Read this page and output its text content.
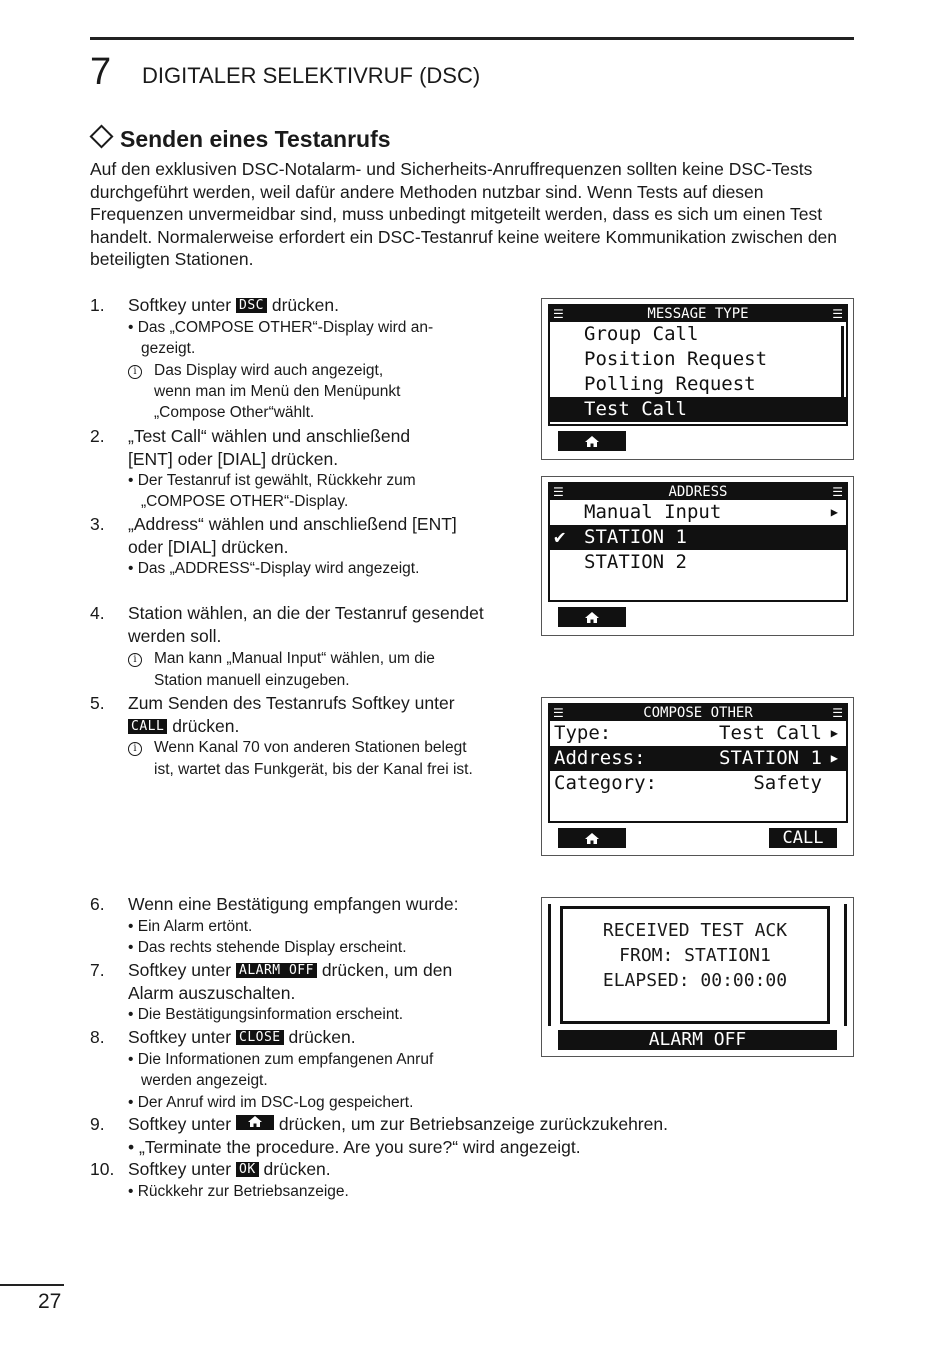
7 DIGITALER SELEKTIVRUF (DSC)
Senden eines Testanrufs
Auf den exklusiven DSC-Notalarm- und Sicherheits-Anruffrequenzen sollten keine DSC-Tests durchgeführt werden, weil dafür andere Methoden nutzbar sind. Wenn Tests auf diesen Frequenzen unvermeidbar sind, muss unbedingt mitgeteilt werden, dass es sich um einen Test handelt. Normalerweise erfordert ein DSC-Testanruf keine weitere Kommunikation zwischen den beteiligten Stationen.
1. Softkey unter DSC drücken.
• Das „COMPOSE OTHER“-Display wird an-
gezeigt.
i	Das Display wird auch angezeigt,
wenn man im Menü den Menüpunkt
„Compose Other“wählt.
2. „Test Call“ wählen und anschließend
[ENT] oder [DIAL] drücken.
• Der Testanruf ist gewählt, Rückkehr zum
„COMPOSE OTHER“-Display.
3. „Address“ wählen und anschließend [ENT]
oder [DIAL] drücken.
• Das „ADDRESS“-Display wird angezeigt.
4. Station wählen, an die der Testanruf gesendet
werden soll.
i	Man kann „Manual Input“ wählen, um die
Station manuell einzugeben.
5. Zum Senden des Testanrufs Softkey unter
CALL drücken.
i	Wenn Kanal 70 von anderen Stationen belegt
ist, wartet das Funkgerät, bis der Kanal frei ist.
6. Wenn eine Bestätigung empfangen wurde:
• Ein Alarm ertönt.
• Das rechts stehende Display erscheint.
7. Softkey unter ALARM OFF drücken, um den
Alarm auszuschalten.
• Die Bestätigungsinformation erscheint.
8. Softkey unter CLOSE drücken.
• Die Informationen zum empfangenen Anruf
werden angezeigt.
• Der Anruf wird im DSC-Log gespeichert.
9. Softkey unter	drücken, um zur Betriebsanzeige zurückzukehren.
• „Terminate the procedure. Are you sure?“ wird angezeigt.
10. Softkey unter OK drücken.
• Rückkehr zur Betriebsanzeige.
☰	MESSAGE TYPE	☰
Group Call
Position Request
Polling Request
Test Call
☰	ADDRESS	☰
Manual Input	▶
✔ STATION 1
STATION 2
☰	COMPOSE OTHER	☰
Type:	Test Call ▶
Address:	STATION 1 ▶
Category:	Safety
CALL
RECEIVED TEST ACK
FROM: STATION1
ELAPSED: 00:00:00
ALARM OFF
27
